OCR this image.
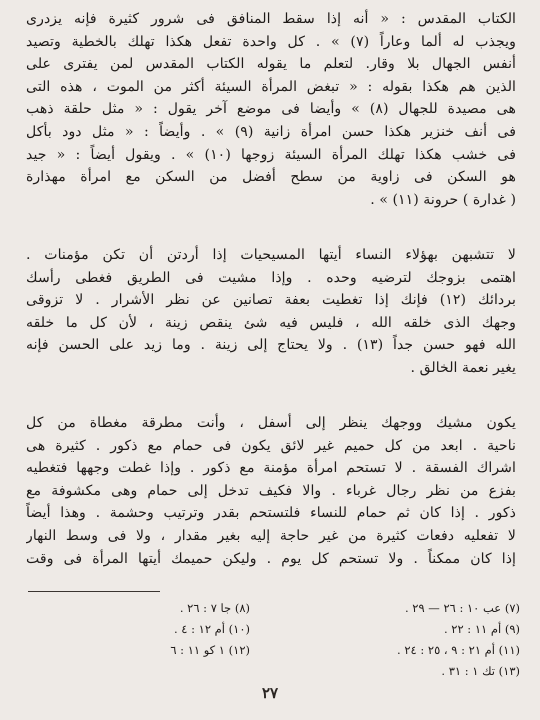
الكتاب المقدس : « أنه إذا سقط المنافق فى شرور كثيرة فإنه يزدرى
ويجذب له ألما وعاراً (٧) » . كل واحدة تفعل هكذا تهلك بالخطية وتصيد
أنفس الجهال بلا وقار. لتعلم ما يقوله الكتاب المقدس لمن يفترى على
الذين هم هكذا بقوله : « تبغض المرأة السيئة أكثر من الموت ، هذه التى
هى مصيدة للجهال (٨) » وأيضا فى موضع آخر يقول : « مثل حلقة ذهب
فى أنف خنزير هكذا حسن امرأة زانية (٩) » . وأيضاً : « مثل دود بأكل
فى خشب هكذا تهلك المرأة السيئة زوجها (١٠) » . ويقول أيضاً : « جيد
هو السكن فى زاوية من سطح أفضل من السكن مع امرأة مهذارة
( غدارة ) حرونة (١١) » .
لا تتشبهن بهؤلاء النساء أيتها المسيحيات إذا أردتن أن تكن مؤمنات .
اهتمى بزوجك لترضيه وحده . وإذا مشيت فى الطريق فغطى رأسك
بردائك (١٢) فإنك إذا تغطيت بعفة تصانين عن نظر الأشرار . لا تزوقى
وجهك الذى خلقه الله ، فليس فيه شئ ينقص زينة ، لأن كل ما خلقه
الله فهو حسن جداً (١٣) . ولا يحتاج إلى زينة . وما زيد على الحسن فإنه
يغير نعمة الخالق .
يكون مشيك ووجهك ينظر إلى أسفل ، وأنت مطرقة مغطاة من كل
ناحية . ابعد من كل حميم غير لائق يكون فى حمام مع ذكور . كثيرة هى
اشراك الفسقة . لا تستحم امرأة مؤمنة مع ذكور . وإذا غطت وجهها فتغطيه
بفزع من نظر رجال غرباء . والا فكيف تدخل إلى حمام وهى مكشوفة مع
ذكور . إذا كان ثم حمام للنساء فلتستحم بقدر وترتيب وحشمة . وهذا أيضاً
لا تفعليه دفعات كثيرة من غير حاجة إليه بغير مقدار ، ولا فى وسط النهار
إذا كان ممكناً . ولا تستحم كل يوم . وليكن حميمك أيتها المرأة فى وقت
(٧) عب ١٠ : ٢٦ — ٢٩ .
(٩) أم ١١ : ٢٢ .
(١١) أم ٢١ : ٩ ، ٢٥ : ٢٤ .
(١٣) تك ١ : ٣١ .
(٨) جا ٧ : ٢٦ .
(١٠) أم ١٢ : ٤ .
(١٢) ١ كو ١١ : ٦
٢٧
